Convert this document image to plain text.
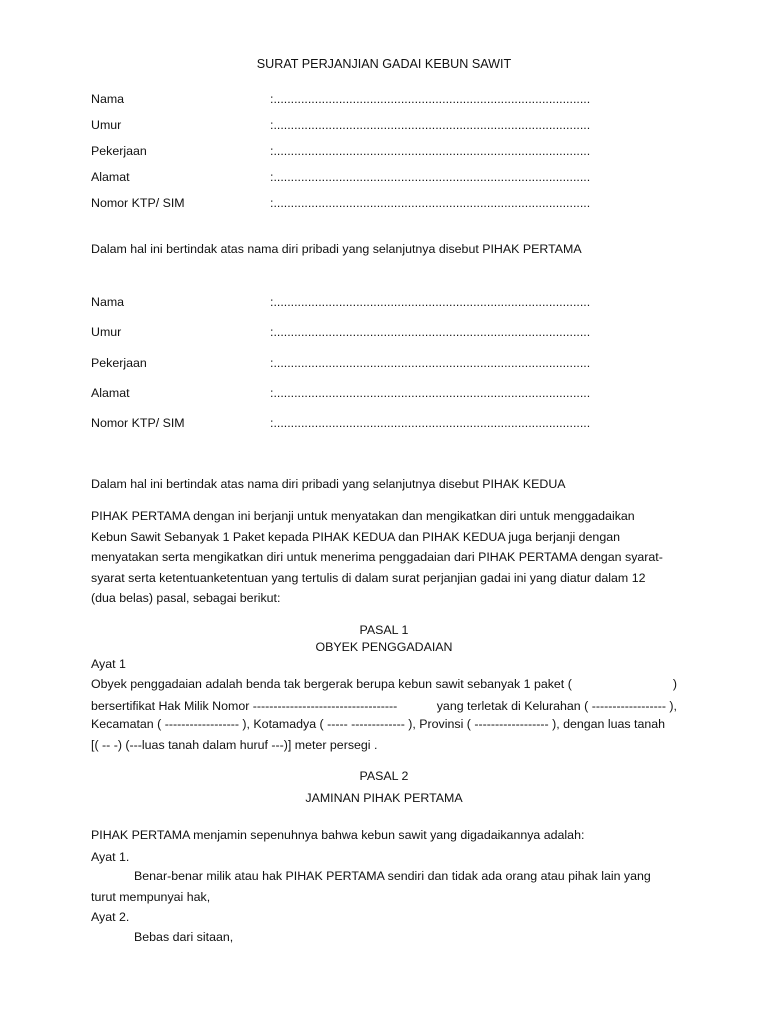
SURAT PERJANJIAN GADAI KEBUN SAWIT
Nama	:............................................................................................
Umur	:............................................................................................
Pekerjaan	:............................................................................................
Alamat	:............................................................................................
Nomor KTP/ SIM	:............................................................................................
Dalam hal ini bertindak atas nama diri pribadi yang selanjutnya disebut PIHAK PERTAMA
Nama	:............................................................................................
Umur	:............................................................................................
Pekerjaan	:............................................................................................
Alamat	:............................................................................................
Nomor KTP/ SIM	:............................................................................................
Dalam hal ini bertindak atas nama diri pribadi yang selanjutnya disebut PIHAK KEDUA
PIHAK PERTAMA dengan ini berjanji untuk menyatakan dan mengikatkan diri untuk menggadaikan
Kebun Sawit Sebanyak 1 Paket kepada PIHAK KEDUA dan PIHAK KEDUA juga berjanji dengan
menyatakan serta mengikatkan diri untuk menerima penggadaian dari PIHAK PERTAMA dengan syarat-
syarat serta ketentuanketentuan yang tertulis di dalam surat perjanjian gadai ini yang diatur dalam 12
(dua belas) pasal, sebagai berikut:
PASAL 1
OBYEK PENGGADAIAN
Ayat 1
Obyek penggadaian adalah benda tak bergerak berupa kebun sawit sebanyak 1 paket (	)
bersertifikat Hak Milik Nomor -----------------------------------	yang terletak di Kelurahan ( ------------------ ),
Kecamatan ( ------------------ ), Kotamadya ( ----- ------------- ), Provinsi ( ------------------ ), dengan luas tanah
[( -- -) (---luas tanah dalam huruf ---)] meter persegi .
PASAL 2
JAMINAN PIHAK PERTAMA
PIHAK PERTAMA menjamin sepenuhnya bahwa kebun sawit yang digadaikannya adalah:
Ayat 1.
Benar-benar milik atau hak PIHAK PERTAMA sendiri dan tidak ada orang atau pihak lain yang
turut mempunyai hak,
Ayat 2.
Bebas dari sitaan,
